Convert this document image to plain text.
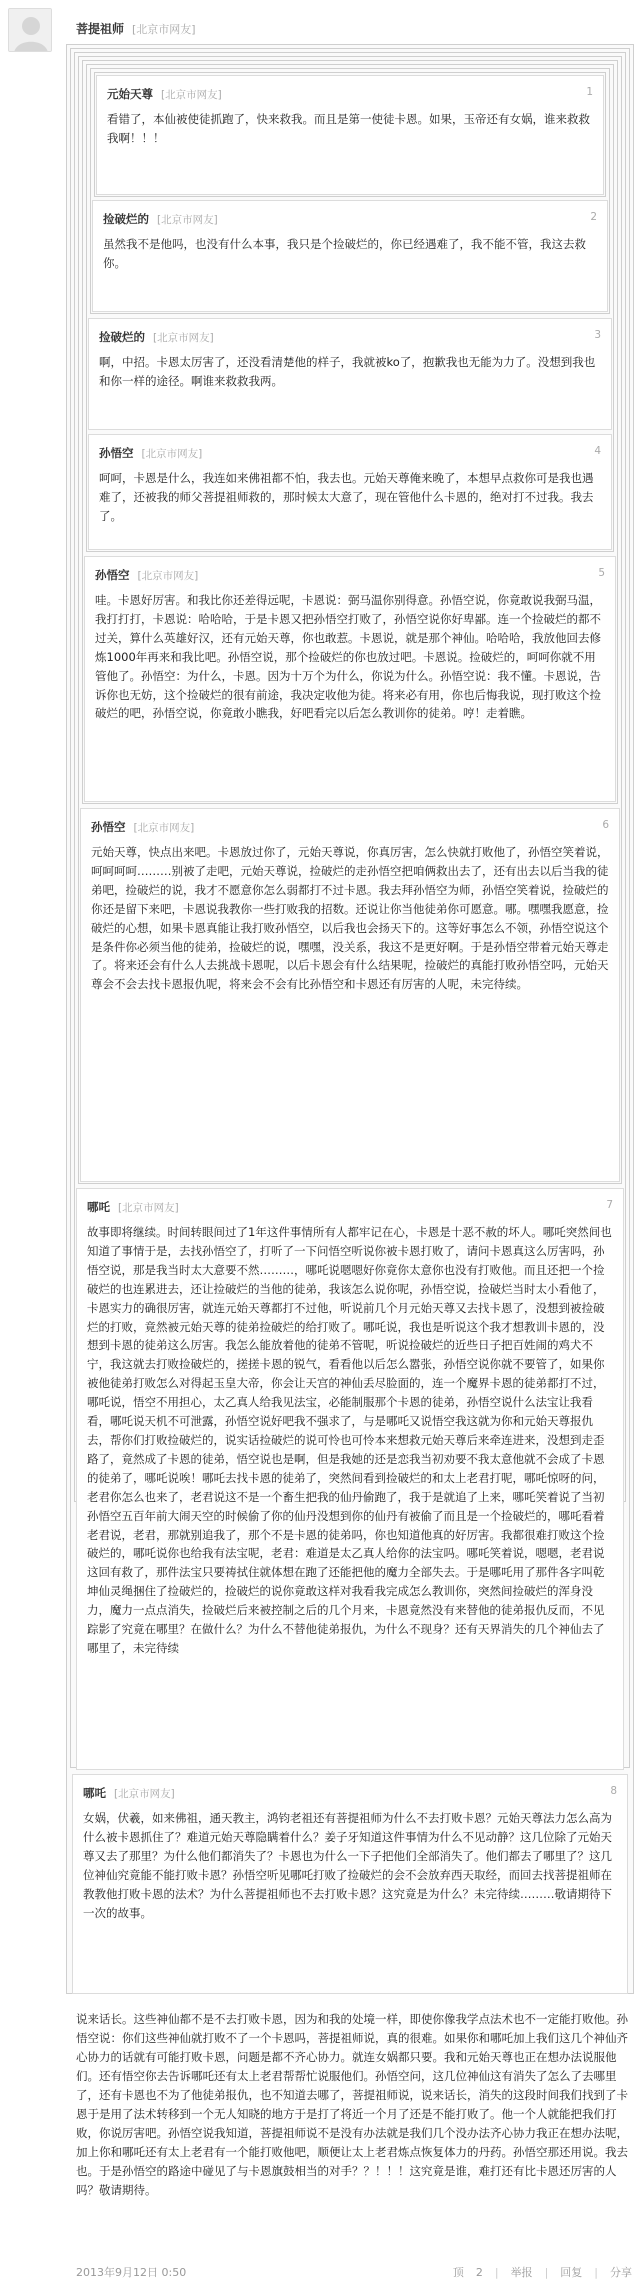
菩提祖师 [北京市网友]
元始天尊 [北京市网友]	1
看错了，本仙被使徒抓跑了，快来救我。而且是第一使徒卡恩。如果，玉帝还有女娲，谁来救救我啊！！！
捡破烂的 [北京市网友]	2
虽然我不是他吗，也没有什么本事，我只是个捡破烂的，你已经遇难了，我不能不管，我这去救你。
捡破烂的 [北京市网友]	3
啊，中招。卡恩太厉害了，还没看清楚他的样子，我就被ko了，抱歉我也无能为力了。没想到我也和你一样的途径。啊谁来救救我两。
孙悟空 [北京市网友]	4
呵呵，卡恩是什么，我连如来佛祖都不怕，我去也。元始天尊俺来晚了，本想早点救你可是我也遇难了，还被我的师父菩提祖师救的，那时候太大意了，现在管他什么卡恩的，绝对打不过我。我去了。
孙悟空 [北京市网友]	5
哇。卡恩好厉害。和我比你还差得远呢，卡恩说：弼马温你别得意。孙悟空说，你竟敢说我弼马温，我打打打，卡恩说：哈哈哈，于是卡恩又把孙悟空打败了，孙悟空说你好卑鄙。连一个捡破烂的都不过关，算什么英雄好汉，还有元始天尊，你也敢惹。卡恩说，就是那个神仙。哈哈哈，我放他回去修炼1000年再来和我比吧。孙悟空说，那个捡破烂的你也放过吧。卡恩说。捡破烂的，呵呵你就不用管他了。孙悟空：为什么，卡恩。因为十万个为什么，你说为什么。孙悟空说：我不懂。卡恩说，告诉你也无妨，这个捡破烂的很有前途，我决定收他为徒。将来必有用，你也后悔我说，现打败这个捡破烂的吧，孙悟空说，你竟敢小瞧我，好吧看完以后怎么教训你的徒弟。哼！走着瞧。
孙悟空 [北京市网友]	6
元始天尊，快点出来吧。卡恩放过你了，元始天尊说，你真厉害，怎么快就打败他了，孙悟空笑着说，呵呵呵呵………别被了走吧，元始天尊说，捡破烂的走孙悟空把咱俩救出去了，还有出去以后当我的徒弟吧，捡破烂的说，我才不愿意你怎么弱都打不过卡恩。我去拜孙悟空为师，孙悟空笑着说，捡破烂的你还是留下来吧，卡恩说我教你一些打败我的招数。还说让你当他徒弟你可愿意。哪。嘿嘿我愿意，捡破烂的心想，如果卡恩真能让我打败孙悟空，以后我也会扬天下的。这等好事怎么不领，孙悟空说这个是条件你必须当他的徒弟，捡破烂的说，嘿嘿，没关系，我这不是更好啊。于是孙悟空带着元始天尊走了。将来还会有什么人去挑战卡恩呢，以后卡恩会有什么结果呢，捡破烂的真能打败孙悟空吗，元始天尊会不会去找卡恩报仇呢，将来会不会有比孙悟空和卡恩还有厉害的人呢，未完待续。
哪吒 [北京市网友]	7
故事即将继续。时间转眼间过了1年这件事情所有人都牢记在心，卡恩是十恶不赦的坏人。哪吒突然间也知道了事情于是，去找孙悟空了，打听了一下问悟空听说你被卡恩打败了，请问卡恩真这么厉害吗，孙悟空说，那是我当时太大意要不然………，哪吒说嗯嗯好你竟你太意你也没有打败他。而且还把一个捡破烂的也连累进去，还让捡破烂的当他的徒弟，我该怎么说你呢，孙悟空说，捡破烂当时太小看他了，卡恩实力的确很厉害，就连元始天尊都打不过他，听说前几个月元始天尊又去找卡恩了，没想到被捡破烂的打败，竟然被元始天尊的徒弟捡破烂的给打败了。哪吒说，我也是听说这个我才想教训卡恩的，没想到卡恩的徒弟这么厉害。我怎么能放着他的徒弟不管呢，听说捡破烂的近些日子把百姓闹的鸡犬不宁，我这就去打败捡破烂的，搓搓卡恩的锐气，看看他以后怎么嚣张，孙悟空说你就不要管了，如果你被他徒弟打败怎么对得起玉皇大帝，你会让天宫的神仙丢尽脸面的，连一个魔界卡恩的徒弟都打不过，哪吒说，悟空不用担心，太乙真人给我见法宝，必能制服那个卡恩的徒弟，孙悟空说什么法宝让我看看，哪吒说天机不可泄露，孙悟空说好吧我不强求了，与是哪吒又说悟空我这就为你和元始天尊报仇去，帮你们打败捡破烂的，说实话捡破烂的说可怜也可怜本来想救元始天尊后来牵连进来，没想到走歪路了，竟然成了卡恩的徒弟，悟空说也是啊，但是我她的还是恋我当初劝要不我太意他就不会成了卡恩的徒弟了，哪吒说唉！哪吒去找卡恩的徒弟了，突然间看到捡破烂的和太上老君打呢，哪吒惊呀的问，老君你怎么也来了，老君说这不是一个畜生把我的仙丹偷跑了，我于是就追了上来，哪吒笑着说了当初孙悟空五百年前大闹天空的时候偷了你的仙丹没想到你的仙丹有被偷了而且是一个捡破烂的，哪吒看着老君说，老君，那就别追我了，那个不是卡恩的徒弟吗，你也知道他真的好厉害。我都很难打败这个捡破烂的，哪吒说你也给我有法宝呢，老君：难道是太乙真人给你的法宝吗。哪吒笑着说，嗯嗯，老君说这回有救了，那件法宝只要祷拭住就体想在跑了还能把他的魔力全部失去。于是哪吒用了那件各字叫乾坤仙灵绳捆住了捡破烂的，捡破烂的说你竟敢这样对我看我完成怎么教训你，突然间捡破烂的浑身没力，魔力一点点消失，捡破烂后来被控制之后的几个月来，卡恩竟然没有来替他的徒弟报仇反而，不见踪影了究竟在哪里？在做什么？为什么不替他徒弟报仇，为什么不现身？还有天界消失的几个神仙去了哪里了，未完待续
哪吒 [北京市网友]	8
女娲，伏羲，如来佛祖，通天教主，鸿钧老祖还有菩提祖师为什么不去打败卡恩？元始天尊法力怎么高为什么被卡恩抓住了？难道元始天尊隐瞒着什么？姜子牙知道这件事情为什么不见动静？这几位除了元始天尊又去了那里？为什么他们都消失了？卡恩也为什么一下子把他们全部消失了。他们都去了哪里了？这几位神仙究竟能不能打败卡恩？孙悟空听见哪吒打败了捡破烂的会不会放弃西天取经，而回去找菩提祖师在教教他打败卡恩的法术？为什么菩提祖师也不去打败卡恩？这究竟是为什么？未完待续………敬请期待下一次的故事。
说来话长。这些神仙都不是不去打败卡恩，因为和我的处境一样，即使你像我学点法术也不一定能打败他。孙悟空说：你们这些神仙就打败不了一个卡恩吗，菩提祖师说，真的很难。如果你和哪吒加上我们这几个神仙齐心协力的话就有可能打败卡恩，问题是都不齐心协力。就连女娲都只要。我和元始天尊也正在想办法说服他们。还有悟空你去告诉哪吒还有太上老君帮帮忙说服他们。孙悟空问，这几位神仙这有消失了怎么了去哪里了，还有卡恩也不为了他徒弟报仇，也不知道去哪了，菩提祖师说，说来话长，消失的这段时间我们找到了卡恩于是用了法术转移到一个无人知晓的地方于是打了将近一个月了还是不能打败了。他一个人就能把我们打败，你说厉害吧。孙悟空说我知道，菩提祖师说不是没有办法就是我们几个没办法齐心协力我正在想办法呢，加上你和哪吒还有太上老君有一个能打败他吧，顺便让太上老君炼点恢复体力的丹药。孙悟空那还用说。我去也。于是孙悟空的路途中碰见了与卡恩旗鼓相当的对手？？！！！这究竟是谁，难打还有比卡恩还厉害的人吗？敬请期待。
2013年9月12日 0:50	顶 2 | 举报 | 回复 | 分享
